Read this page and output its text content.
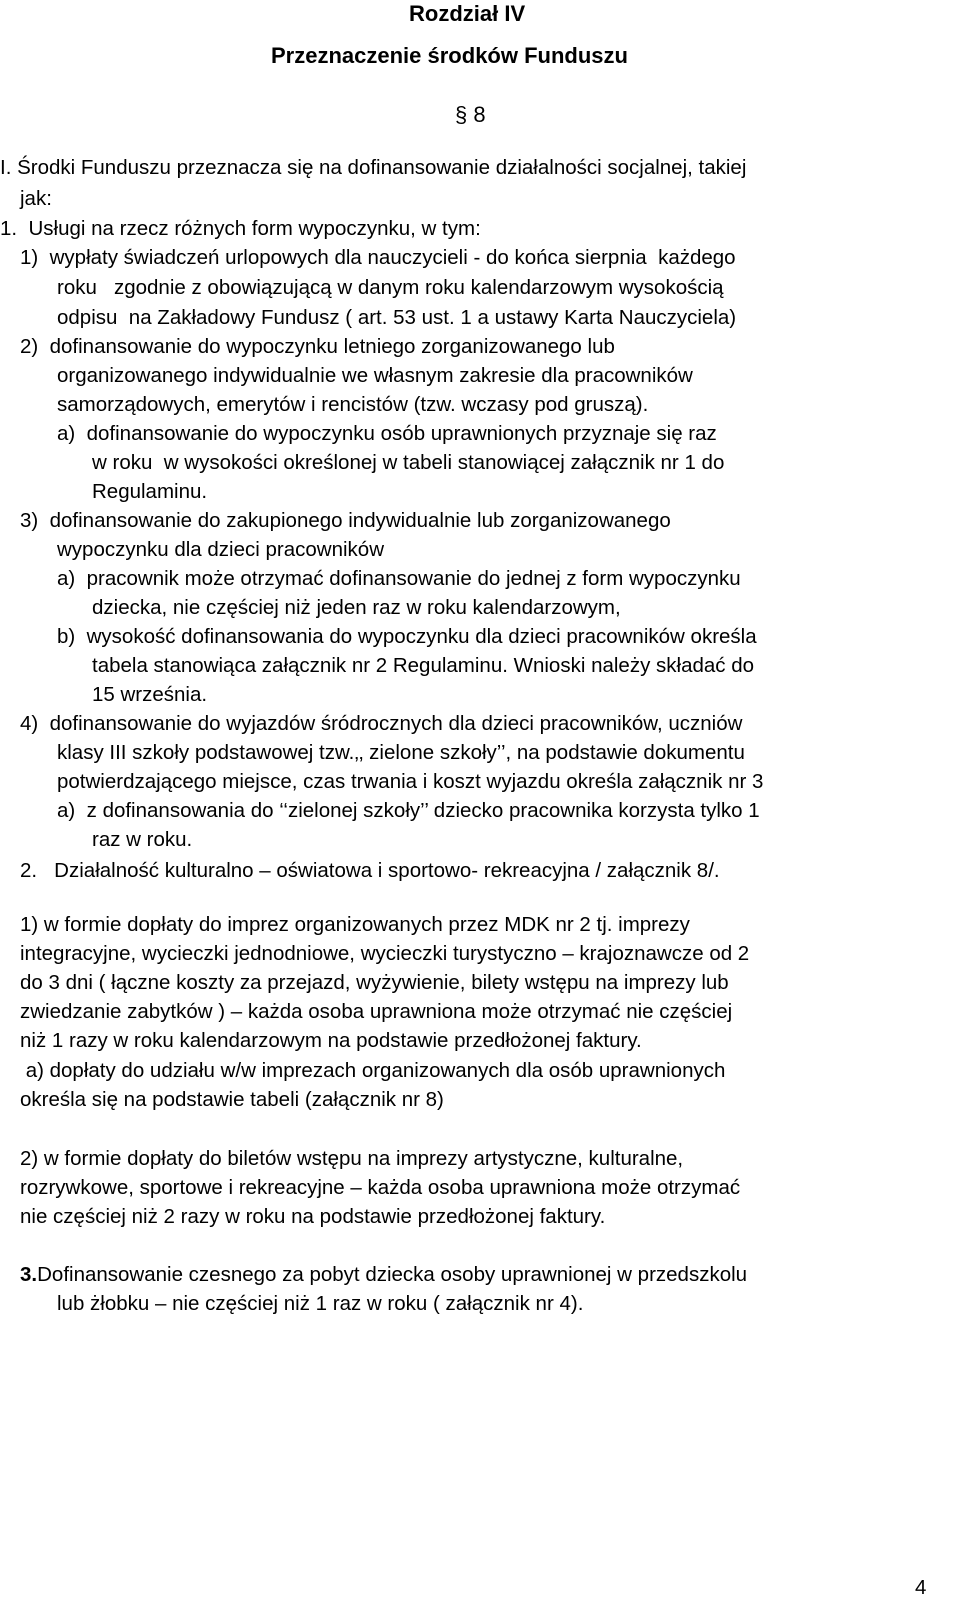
Rozdział IV
Przeznaczenie środków Funduszu
§ 8
I. Środki Funduszu przeznacza się na dofinansowanie działalności socjalnej, takiej
jak:
1.  Usługi na rzecz różnych form wypoczynku, w tym:
1)  wypłaty świadczeń urlopowych dla nauczycieli - do końca sierpnia  każdego
roku   zgodnie z obowiązującą w danym roku kalendarzowym wysokością
odpisu  na Zakładowy Fundusz ( art. 53 ust. 1 a ustawy Karta Nauczyciela)
2)  dofinansowanie do wypoczynku letniego zorganizowanego lub
organizowanego indywidualnie we własnym zakresie dla pracowników
samorządowych, emerytów i rencistów (tzw. wczasy pod gruszą).
a)  dofinansowanie do wypoczynku osób uprawnionych przyznaje się raz
w roku  w wysokości określonej w tabeli stanowiącej załącznik nr 1 do
Regulaminu.
3)  dofinansowanie do zakupionego indywidualnie lub zorganizowanego
wypoczynku dla dzieci pracowników
a)  pracownik może otrzymać dofinansowanie do jednej z form wypoczynku
dziecka, nie częściej niż jeden raz w roku kalendarzowym,
b)  wysokość dofinansowania do wypoczynku dla dzieci pracowników określa
tabela stanowiąca załącznik nr 2 Regulaminu. Wnioski należy składać do
15 września.
4)  dofinansowanie do wyjazdów śródrocznych dla dzieci pracowników, uczniów
klasy III szkoły podstawowej tzw.‚‚ zielone szkoły’’, na podstawie dokumentu
potwierdzającego miejsce, czas trwania i koszt wyjazdu określa załącznik nr 3
a)  z dofinansowania do ‘‘zielonej szkoły’’ dziecko pracownika korzysta tylko 1
raz w roku.
2.   Działalność kulturalno – oświatowa i sportowo- rekreacyjna / załącznik 8/.
1) w formie dopłaty do imprez organizowanych przez MDK nr 2 tj. imprezy
integracyjne, wycieczki jednodniowe, wycieczki turystyczno – krajoznawcze od 2
do 3 dni ( łączne koszty za przejazd, wyżywienie, bilety wstępu na imprezy lub
zwiedzanie zabytków ) – każda osoba uprawniona może otrzymać nie częściej
niż 1 razy w roku kalendarzowym na podstawie przedłożonej faktury.
a) dopłaty do udziału w/w imprezach organizowanych dla osób uprawnionych
określa się na podstawie tabeli (załącznik nr 8)
2) w formie dopłaty do biletów wstępu na imprezy artystyczne, kulturalne,
rozrywkowe, sportowe i rekreacyjne – każda osoba uprawniona może otrzymać
nie częściej niż 2 razy w roku na podstawie przedłożonej faktury.
3.Dofinansowanie czesnego za pobyt dziecka osoby uprawnionej w przedszkolu
lub żłobku – nie częściej niż 1 raz w roku ( załącznik nr 4).
4
